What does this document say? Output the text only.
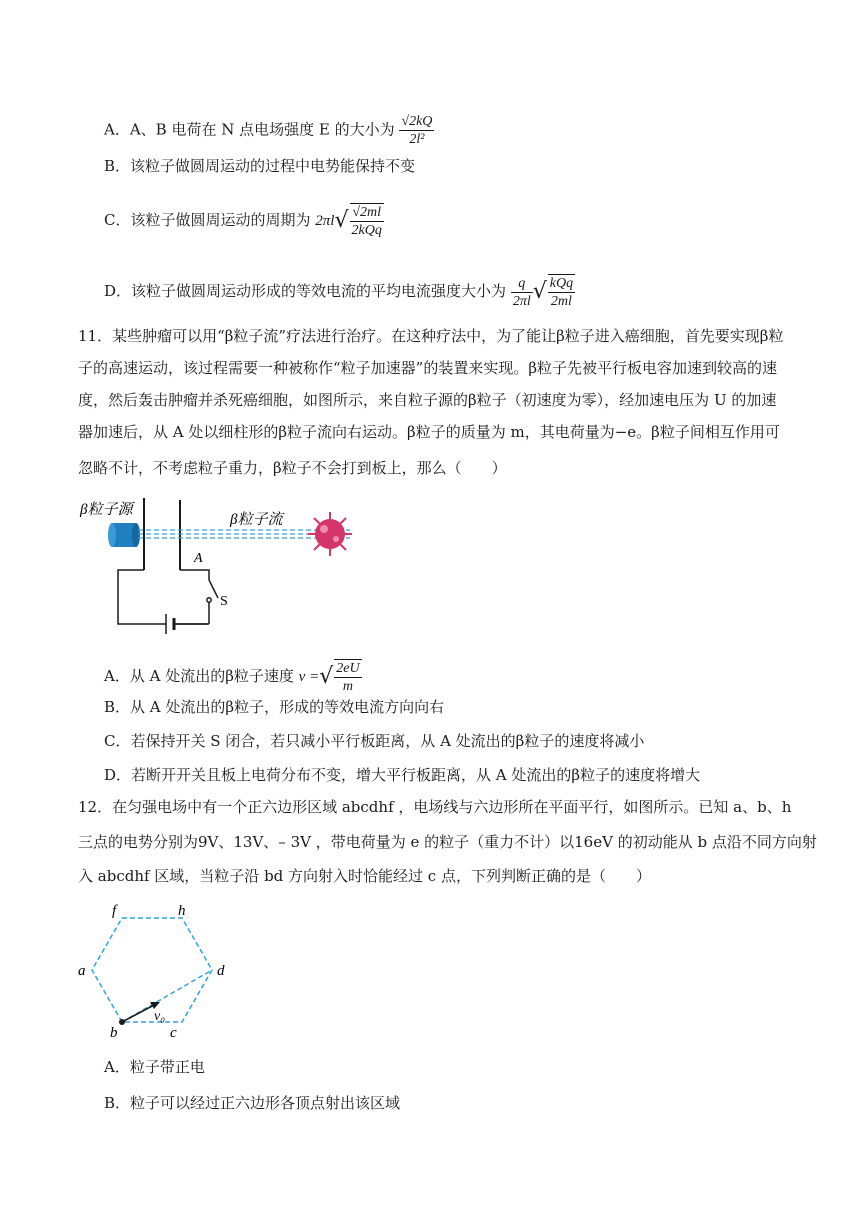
A．A、B 电荷在 N 点电场强度 E 的大小为 $\frac{√2kQ}{\text{2l²}}$
B．该粒子做圆周运动的过程中电势能保持不变
C．该粒子做圆周运动的周期为 $2\pi l√ \frac{√2ml}{\text{2kQq}}$
D．该粒子做圆周运动形成的等效电流的平均电流强度大小为 $\frac{q}{2\pi l}$ √ $\frac{\text{kQq}}{2ml}$
11．某些肿瘤可以用“β粒子流”疗法进行治疗。在这种疗法中，为了能让β粒子进入癌细胞，首先要实现β粒
子的高速运动，该过程需要一种被称作“粒子加速器”的装置来实现。β粒子先被平行板电容加速到较高的速
度，然后轰击肿瘤并杀死癌细胞，如图所示，来自粒子源的β粒子（初速度为零），经加速电压为 U 的加速
器加速后，从 A 处以细柱形的β粒子流向右运动。β粒子的质量为 m，其电荷量为−e。β粒子间相互作用可
忽略不计，不考虑粒子重力，β粒子不会打到板上，那么（　　）
β粒子源
β粒子流
A
S
A．从 A 处流出的β粒子速度 v =√ $\frac{2eU}{m}$
B．从 A 处流出的β粒子，形成的等效电流方向向右
C．若保持开关 S 闭合，若只减小平行板距离，从 A 处流出的β粒子的速度将减小
D．若断开开关且板上电荷分布不变，增大平行板距离，从 A 处流出的β粒子的速度将增大
12．在匀强电场中有一个正六边形区域 abcdhf ，电场线与六边形所在平面平行，如图所示。已知 a、b、h
三点的电势分别为9V、13V、– 3V ，带电荷量为 e 的粒子（重力不计）以16eV 的初动能从 b 点沿不同方向射
入 abcdhf 区域，当粒子沿 bd 方向射入时恰能经过 c 点，下列判断正确的是（　　）
f	h
a	d
b	c
v₀
A．粒子带正电
B．粒子可以经过正六边形各顶点射出该区域
